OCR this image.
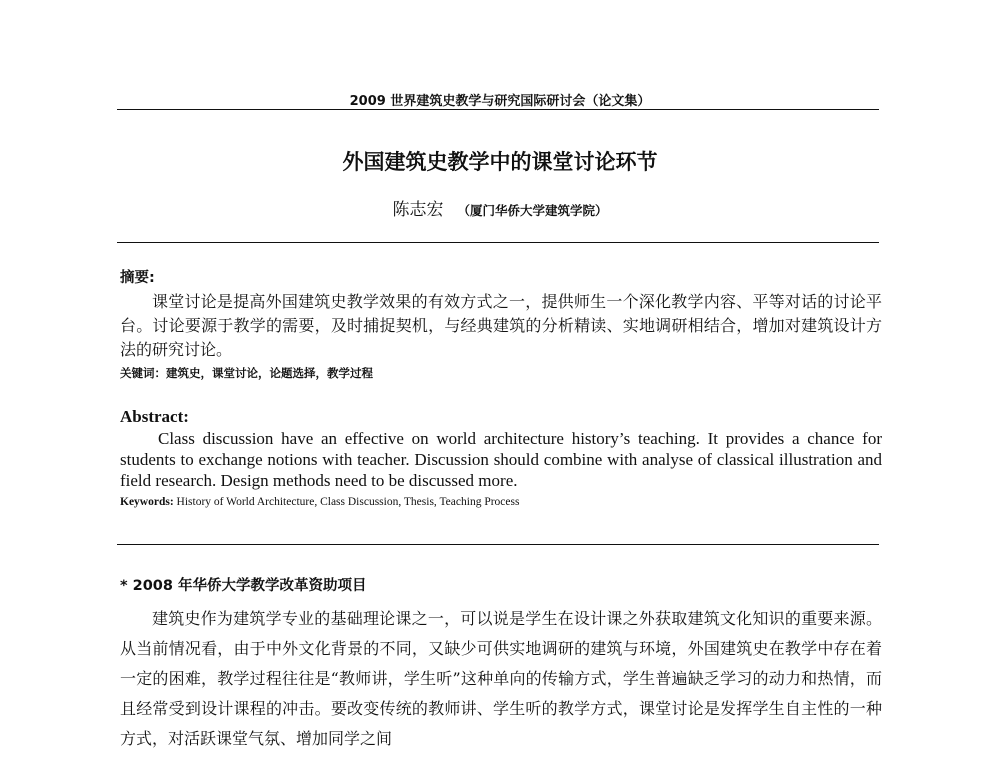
2009 世界建筑史教学与研究国际研讨会（论文集）
外国建筑史教学中的课堂讨论环节
陈志宏 （厦门华侨大学建筑学院）
摘要:

课堂讨论是提高外国建筑史教学效果的有效方式之一，提供师生一个深化教学内容、平等对话的讨论平台。讨论要源于教学的需要，及时捕捉契机，与经典建筑的分析精读、实地调研相结合，增加对建筑设计方法的研究讨论。

关键词：建筑史，课堂讨论，论题选择，教学过程
Abstract:

Class discussion have an effective on world architecture history’s teaching. It provides a chance for students to exchange notions with teacher. Discussion should combine with analyse of classical illustration and field research. Design methods need to be discussed more.

Keywords: History of World Architecture, Class Discussion, Thesis, Teaching Process
* 2008 年华侨大学教学改革资助项目

建筑史作为建筑学专业的基础理论课之一，可以说是学生在设计课之外获取建筑文化知识的重要来源。从当前情况看，由于中外文化背景的不同，又缺少可供实地调研的建筑与环境，外国建筑史在教学中存在着一定的困难，教学过程往往是“教师讲，学生听”这种单向的传输方式，学生普遍缺乏学习的动力和热情，而且经常受到设计课程的冲击。要改变传统的教师讲、学生听的教学方式，课堂讨论是发挥学生自主性的一种方式，对活跃课堂气氛、增加同学之间
